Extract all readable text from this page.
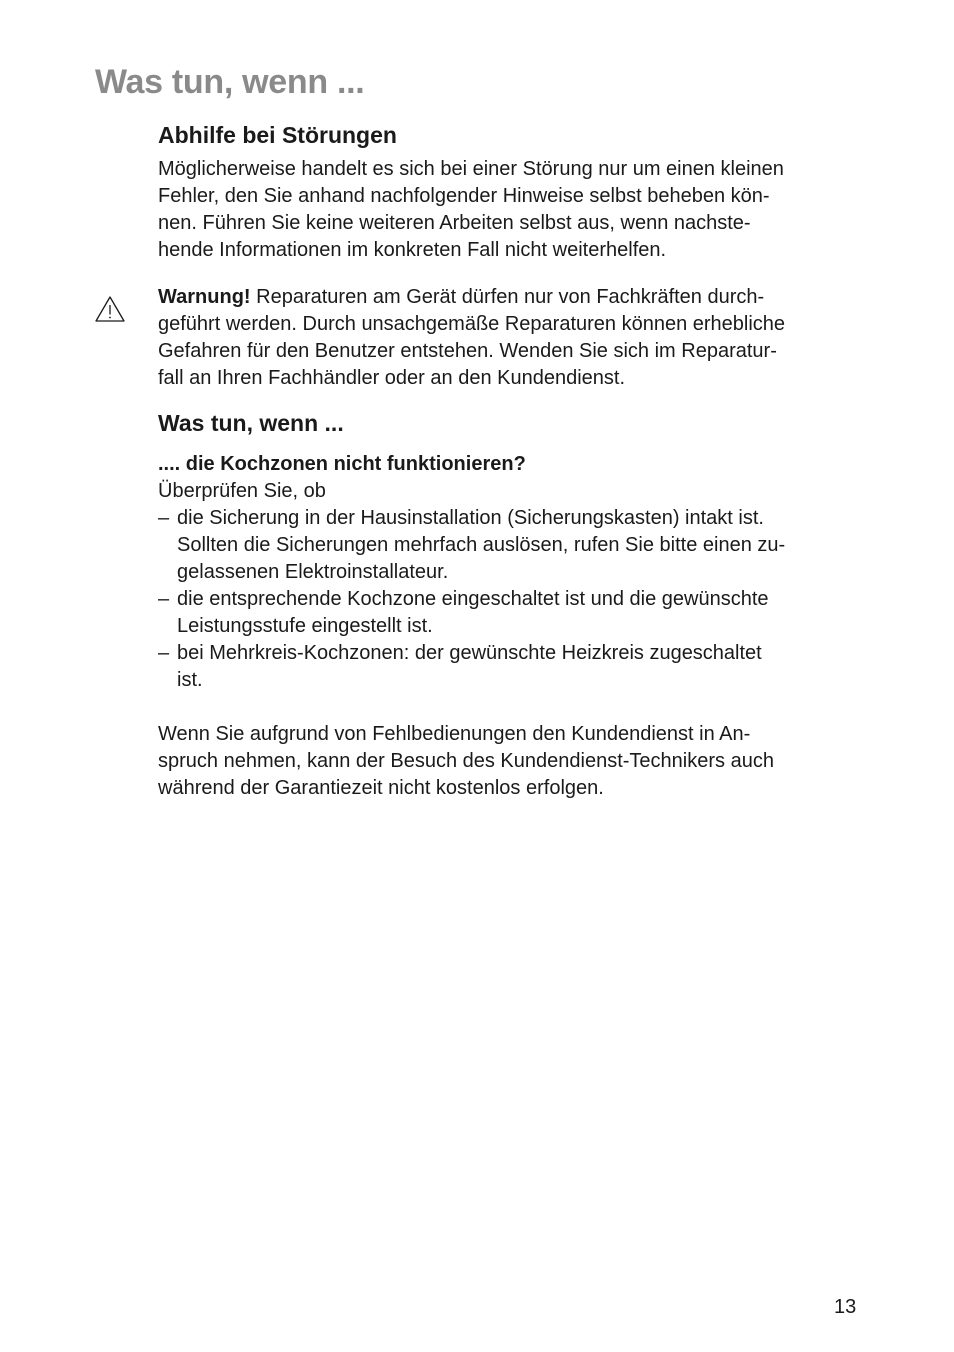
Was tun, wenn ...
Abhilfe bei Störungen

Möglicherweise handelt es sich bei einer Störung nur um einen kleinen
Fehler, den Sie anhand nachfolgender Hinweise selbst beheben kön-
nen. Führen Sie keine weiteren Arbeiten selbst aus, wenn nachste-
hende Informationen im konkreten Fall nicht weiterhelfen.

Warnung! Reparaturen am Gerät dürfen nur von Fachkräften durch-
geführt werden. Durch unsachgemäße Reparaturen können erhebliche
Gefahren für den Benutzer entstehen. Wenden Sie sich im Reparatur-
fall an Ihren Fachhändler oder an den Kundendienst.

Was tun, wenn ...

.... die Kochzonen nicht funktionieren?

Überprüfen Sie, ob

– die Sicherung in der Hausinstallation (Sicherungskasten) intakt ist.
Sollten die Sicherungen mehrfach auslösen, rufen Sie bitte einen zu-
gelassenen Elektroinstallateur.
– die entsprechende Kochzone eingeschaltet ist und die gewünschte
Leistungsstufe eingestellt ist.
– bei Mehrkreis-Kochzonen: der gewünschte Heizkreis zugeschaltet
ist.

Wenn Sie aufgrund von Fehlbedienungen den Kundendienst in An-
spruch nehmen, kann der Besuch des Kundendienst-Technikers auch
während der Garantiezeit nicht kostenlos erfolgen.

13
